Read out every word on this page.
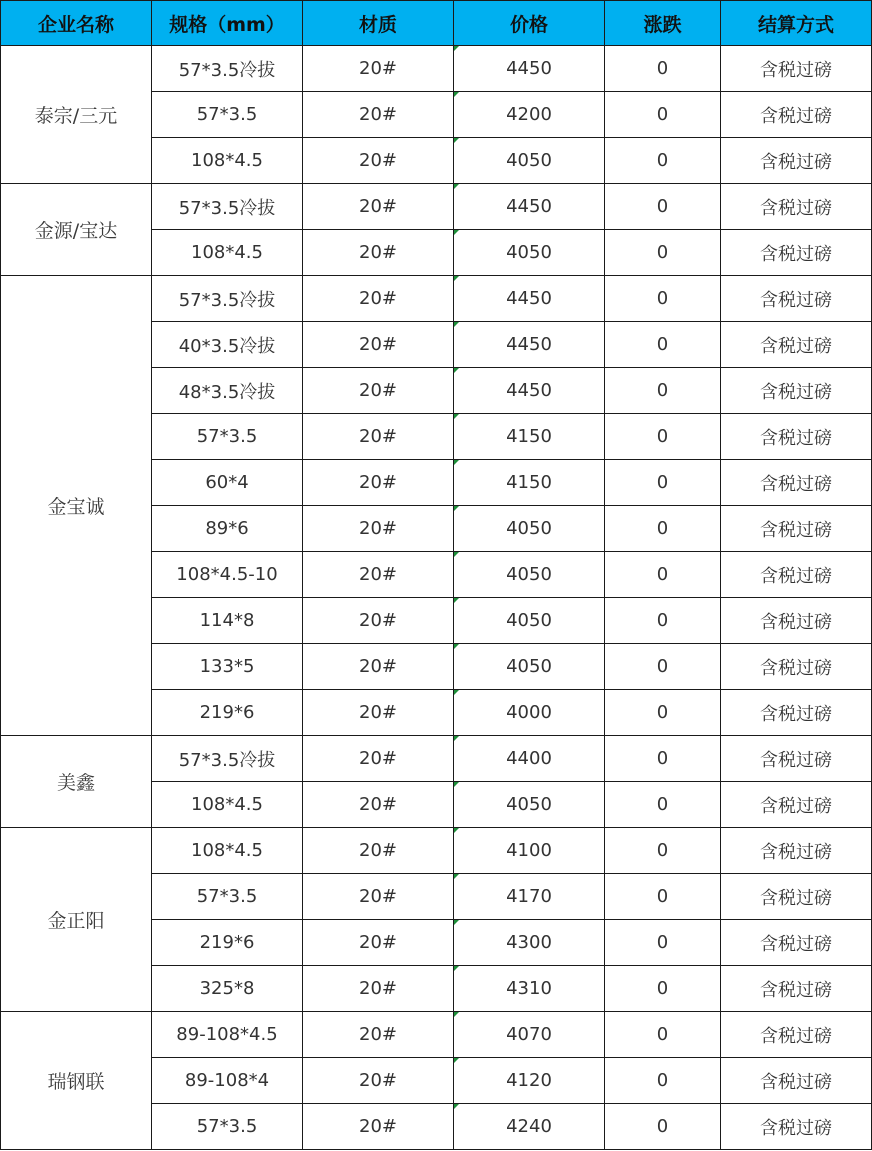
企业名称	规格（mm）	材质	价格	涨跌	结算方式
泰宗/三元	57*3.5冷拔	20#	4450	0	含税过磅
	57*3.5	20#	4200	0	含税过磅
	108*4.5	20#	4050	0	含税过磅
金源/宝达	57*3.5冷拔	20#	4450	0	含税过磅
	108*4.5	20#	4050	0	含税过磅
金宝诚	57*3.5冷拔	20#	4450	0	含税过磅
	40*3.5冷拔	20#	4450	0	含税过磅
	48*3.5冷拔	20#	4450	0	含税过磅
	57*3.5	20#	4150	0	含税过磅
	60*4	20#	4150	0	含税过磅
	89*6	20#	4050	0	含税过磅
	108*4.5-10	20#	4050	0	含税过磅
	114*8	20#	4050	0	含税过磅
	133*5	20#	4050	0	含税过磅
	219*6	20#	4000	0	含税过磅
美鑫	57*3.5冷拔	20#	4400	0	含税过磅
	108*4.5	20#	4050	0	含税过磅
金正阳	108*4.5	20#	4100	0	含税过磅
	57*3.5	20#	4170	0	含税过磅
	219*6	20#	4300	0	含税过磅
	325*8	20#	4310	0	含税过磅
瑞钢联	89-108*4.5	20#	4070	0	含税过磅
	89-108*4	20#	4120	0	含税过磅
	57*3.5	20#	4240	0	含税过磅
